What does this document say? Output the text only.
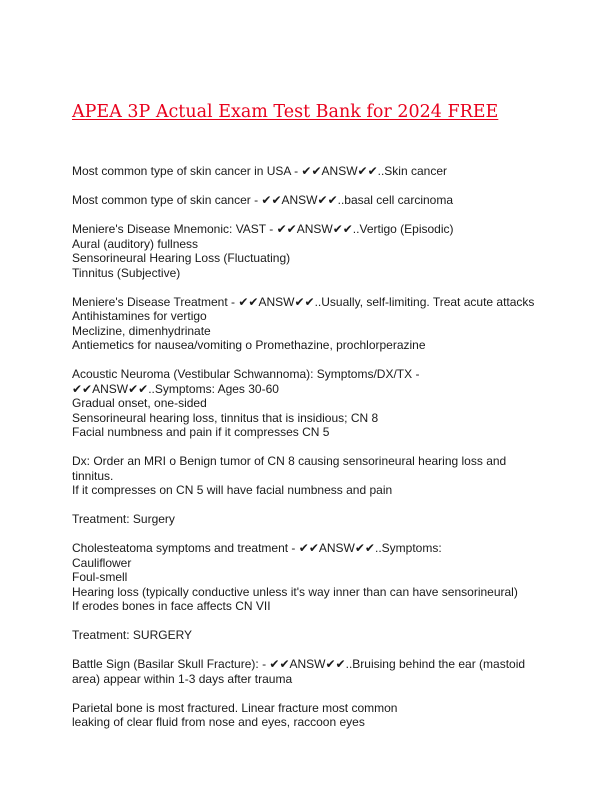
APEA 3P Actual Exam Test Bank for 2024 FREE
Most common type of skin cancer in USA - ✔✔ANSW✔✔..Skin cancer
Most common type of skin cancer - ✔✔ANSW✔✔..basal cell carcinoma
Meniere's Disease Mnemonic: VAST - ✔✔ANSW✔✔..Vertigo (Episodic)
Aural (auditory) fullness
Sensorineural Hearing Loss (Fluctuating)
Tinnitus (Subjective)
Meniere's Disease Treatment - ✔✔ANSW✔✔..Usually, self-limiting. Treat acute attacks
Antihistamines for vertigo
Meclizine, dimenhydrinate
Antiemetics for nausea/vomiting o Promethazine, prochlorperazine
Acoustic Neuroma (Vestibular Schwannoma): Symptoms/DX/TX -
✔✔ANSW✔✔..Symptoms: Ages 30-60
Gradual onset, one-sided
Sensorineural hearing loss, tinnitus that is insidious; CN 8
Facial numbness and pain if it compresses CN 5
Dx: Order an MRI o Benign tumor of CN 8 causing sensorineural hearing loss and
tinnitus.
If it compresses on CN 5 will have facial numbness and pain
Treatment: Surgery
Cholesteatoma symptoms and treatment - ✔✔ANSW✔✔..Symptoms:
Cauliflower
Foul-smell
Hearing loss (typically conductive unless it's way inner than can have sensorineural)
If erodes bones in face affects CN VII
Treatment: SURGERY
Battle Sign (Basilar Skull Fracture): - ✔✔ANSW✔✔..Bruising behind the ear (mastoid
area) appear within 1-3 days after trauma
Parietal bone is most fractured. Linear fracture most common
leaking of clear fluid from nose and eyes, raccoon eyes
